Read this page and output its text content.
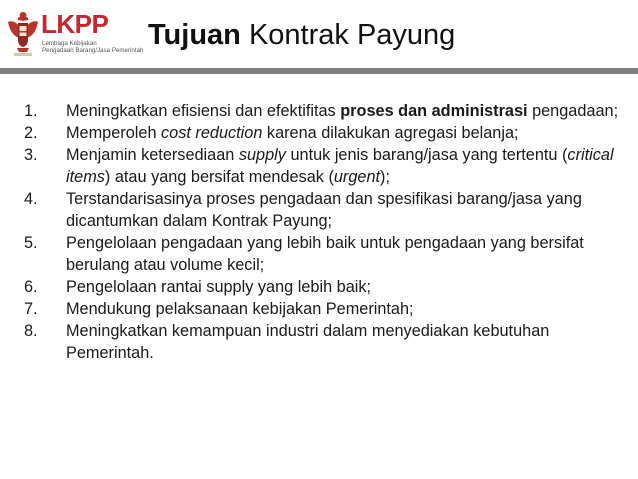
LKPP
Lembaga Kebijakan
Pengadaan Barang/Jasa Pemerintah Tujuan Kontrak Payung
1.	Meningkatkan efisiensi dan efektifitas proses dan administrasi pengadaan;
2.	Memperoleh cost reduction karena dilakukan agregasi belanja;
3.	Menjamin ketersediaan supply untuk jenis barang/jasa yang tertentu (critical items) atau yang bersifat mendesak (urgent);
4.	Terstandarisasinya proses pengadaan dan spesifikasi barang/jasa yang dicantumkan dalam Kontrak Payung;
5.	Pengelolaan pengadaan yang lebih baik untuk pengadaan yang bersifat berulang atau volume kecil;
6.	Pengelolaan rantai supply yang lebih baik;
7.	Mendukung pelaksanaan kebijakan Pemerintah;
8.	Meningkatkan kemampuan industri dalam menyediakan kebutuhan Pemerintah.
